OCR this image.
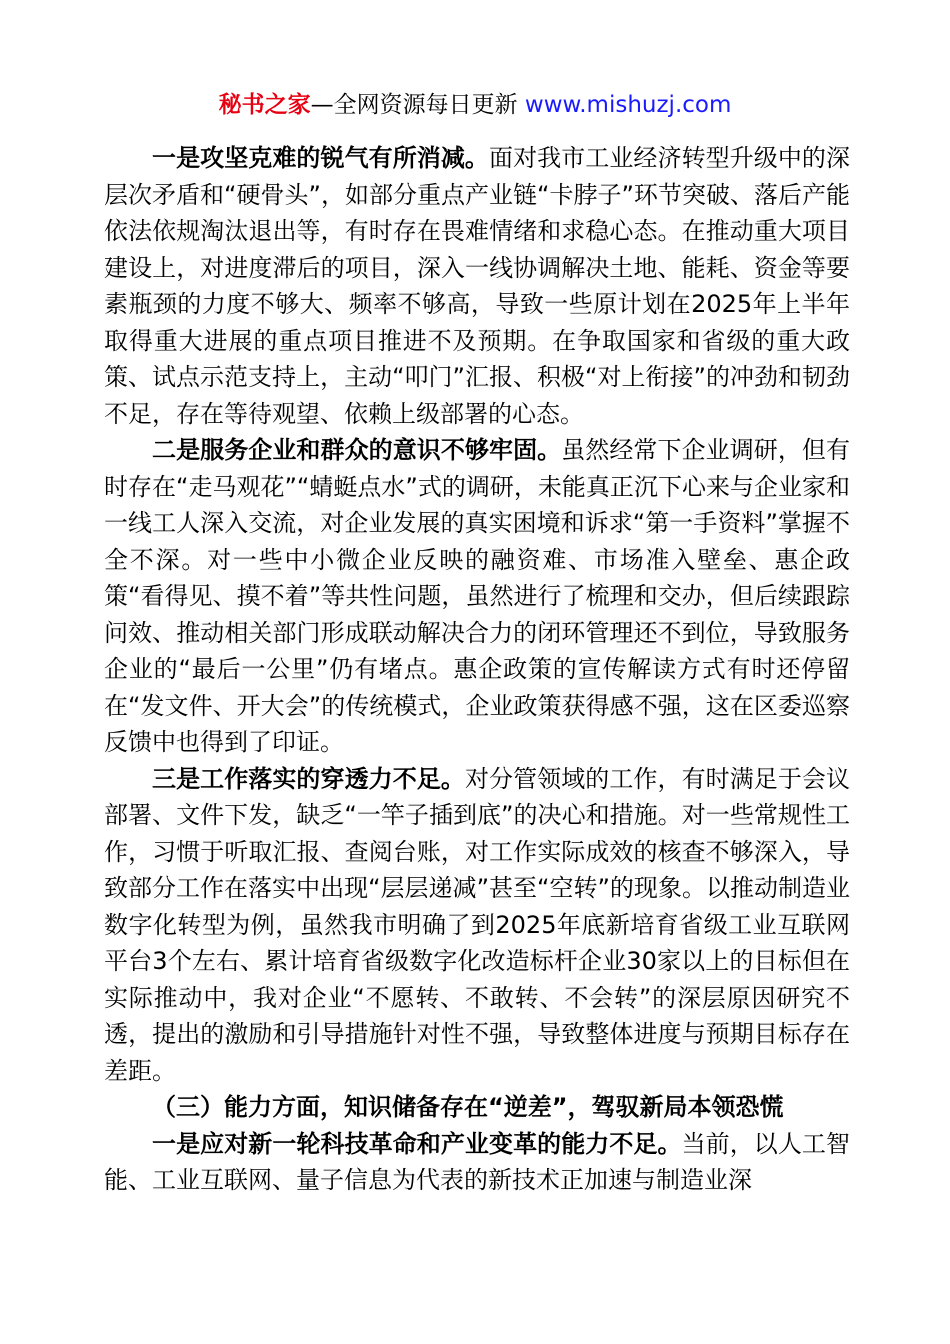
秘书之家—全网资源每日更新 www.mishuzj.com

一是攻坚克难的锐气有所消减。面对我市工业经济转型升级中的深层次矛盾和“硬骨头”，如部分重点产业链“卡脖子”环节突破、落后产能依法依规淘汰退出等，有时存在畏难情绪和求稳心态。在推动重大项目建设上，对进度滞后的项目，深入一线协调解决土地、能耗、资金等要素瓶颈的力度不够大、频率不够高，导致一些原计划在2025年上半年取得重大进展的重点项目推进不及预期。在争取国家和省级的重大政策、试点示范支持上，主动“叩门”汇报、积极“对上衔接”的冲劲和韧劲不足，存在等待观望、依赖上级部署的心态。

二是服务企业和群众的意识不够牢固。虽然经常下企业调研，但有时存在“走马观花”“蜻蜓点水”式的调研，未能真正沉下心来与企业家和一线工人深入交流，对企业发展的真实困境和诉求“第一手资料”掌握不全不深。对一些中小微企业反映的融资难、市场准入壁垒、惠企政策“看得见、摸不着”等共性问题，虽然进行了梳理和交办，但后续跟踪问效、推动相关部门形成联动解决合力的闭环管理还不到位，导致服务企业的“最后一公里”仍有堵点。惠企政策的宣传解读方式有时还停留在“发文件、开大会”的传统模式，企业政策获得感不强，这在区委巡察反馈中也得到了印证。

三是工作落实的穿透力不足。对分管领域的工作，有时满足于会议部署、文件下发，缺乏“一竿子插到底”的决心和措施。对一些常规性工作，习惯于听取汇报、查阅台账，对工作实际成效的核查不够深入，导致部分工作在落实中出现“层层递减”甚至“空转”的现象。以推动制造业数字化转型为例，虽然我市明确了到2025年底新培育省级工业互联网平台3个左右、累计培育省级数字化改造标杆企业30家以上的目标但在实际推动中，我对企业“不愿转、不敢转、不会转”的深层原因研究不透，提出的激励和引导措施针对性不强，导致整体进度与预期目标存在差距。

（三）能力方面，知识储备存在“逆差”，驾驭新局本领恐慌

一是应对新一轮科技革命和产业变革的能力不足。当前，以人工智能、工业互联网、量子信息为代表的新技术正加速与制造业深
